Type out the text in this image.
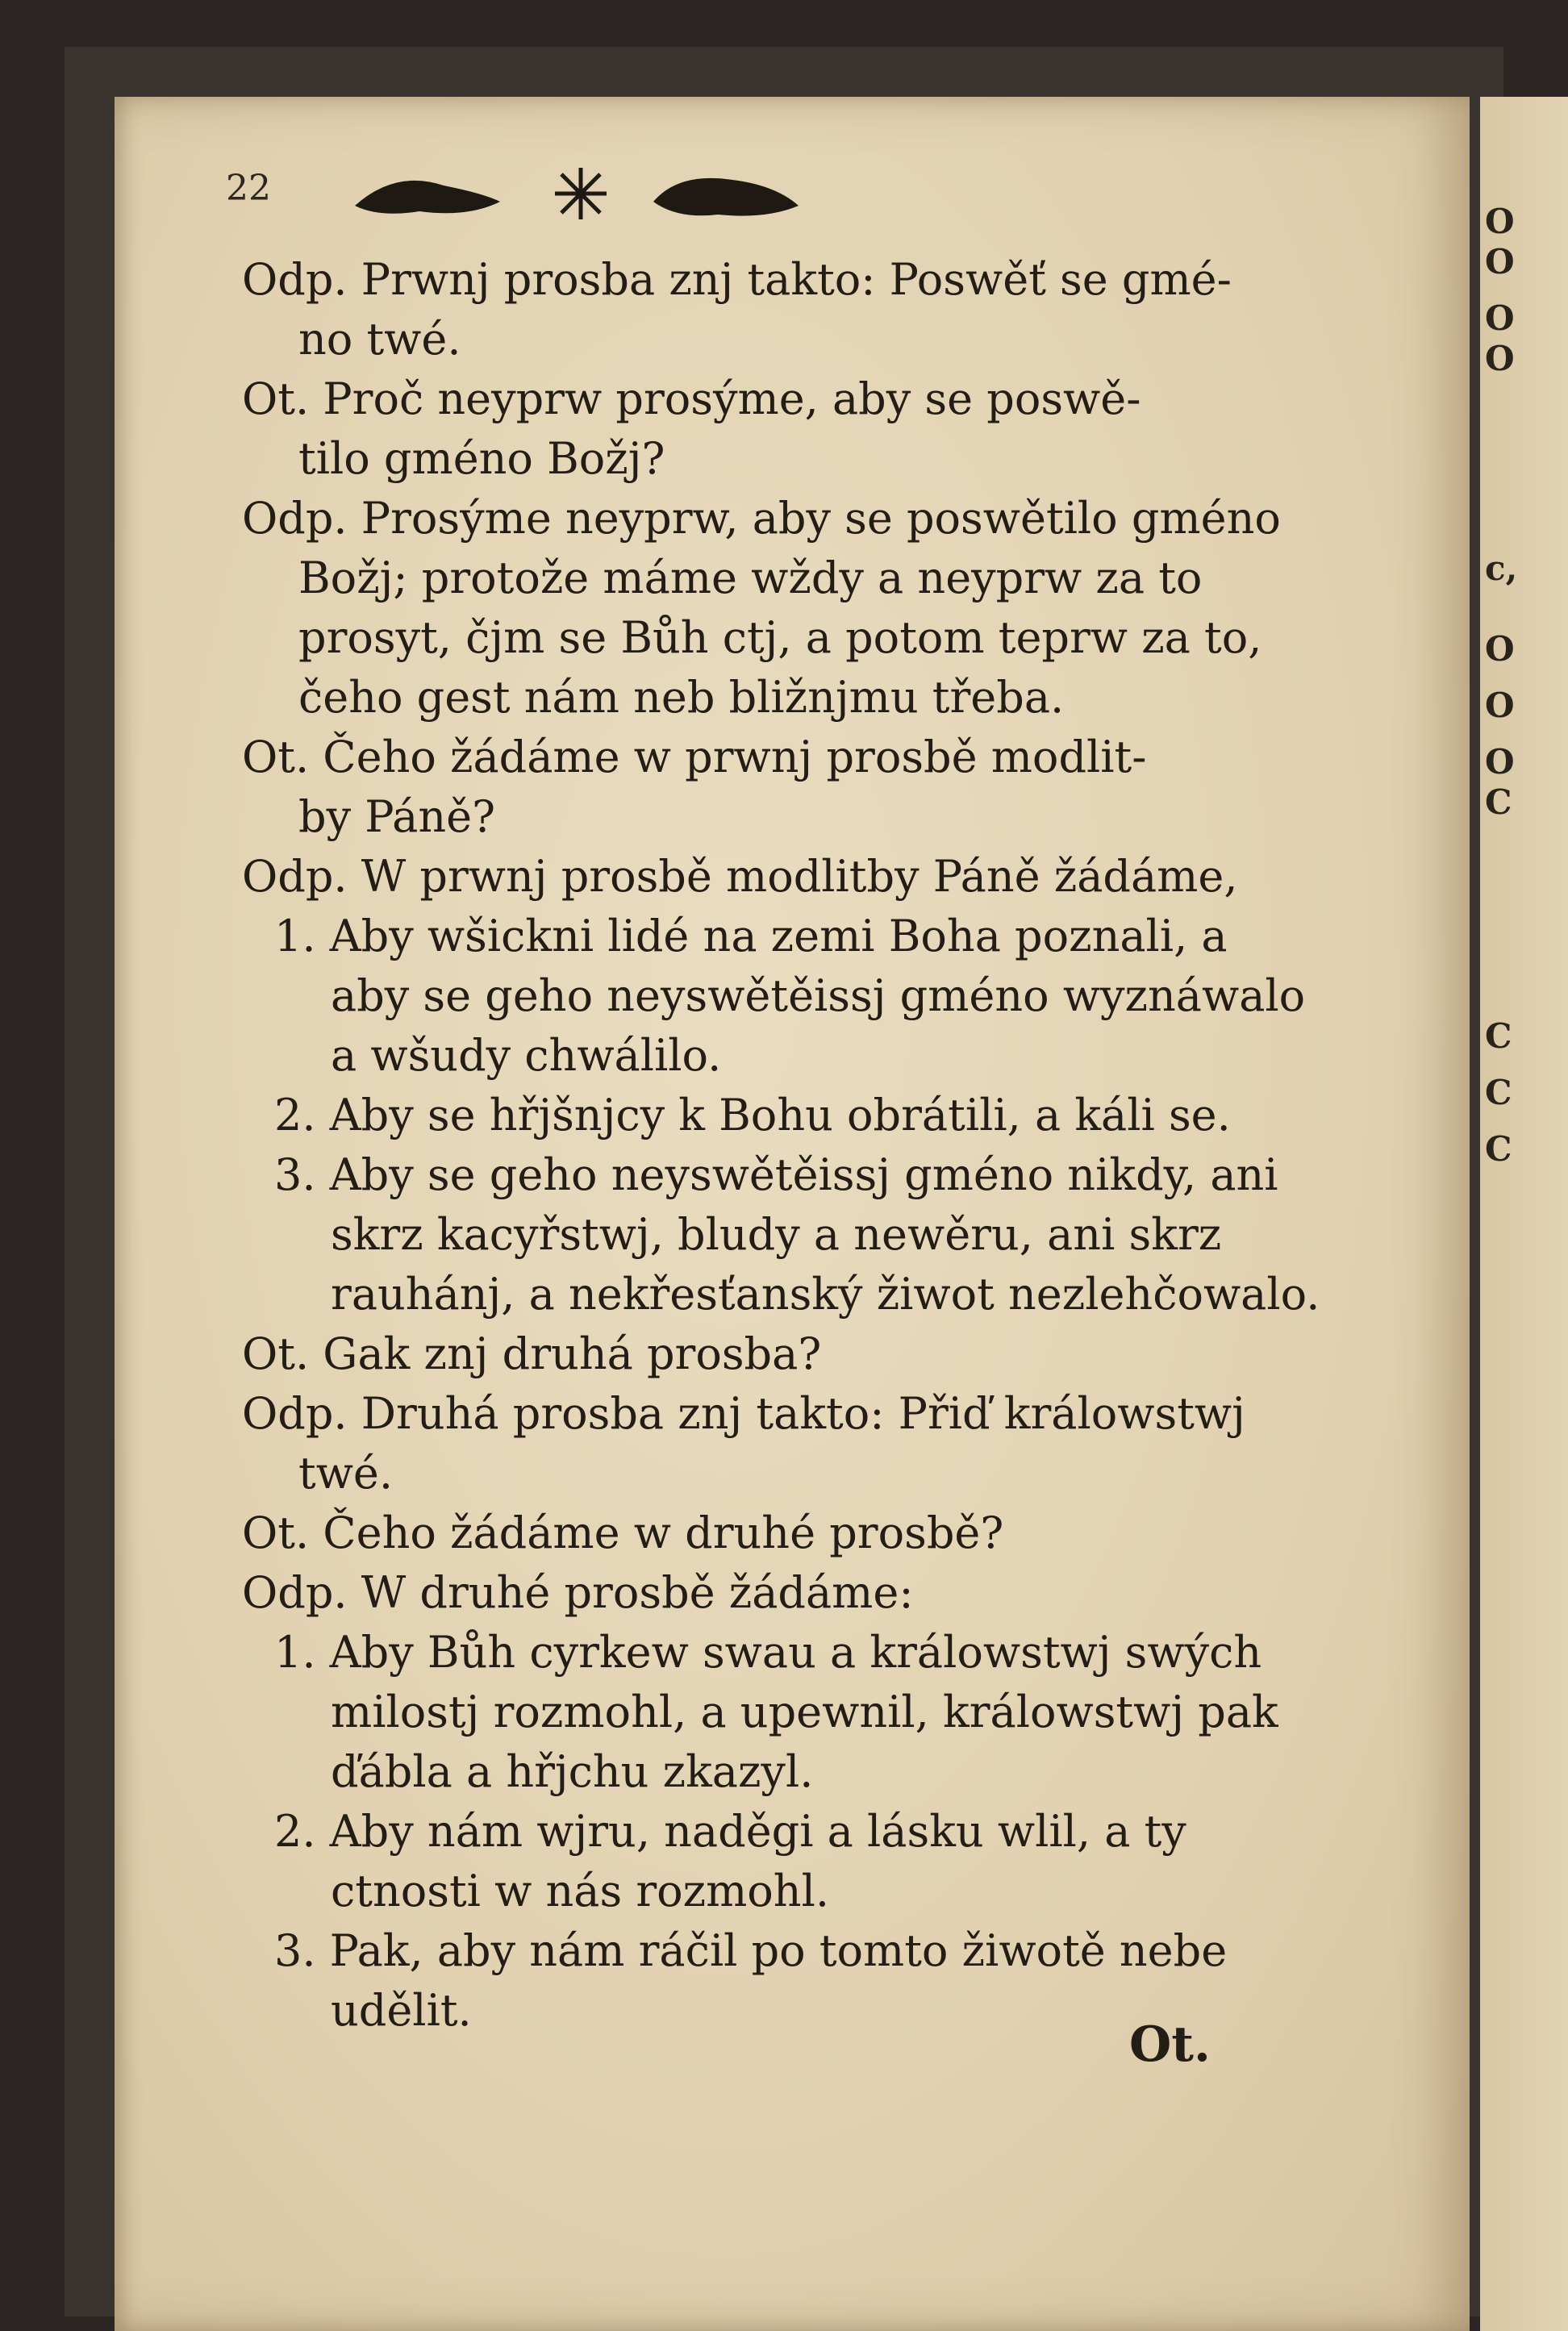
O
O
O
O
c,
O
O
O
C
C
C
C
22
Odp. Prwnj prosba znj takto: Poswěť se gmé-
no twé.
Ot. Proč neyprw prosýme, aby se poswě-
tilo gméno Božj?
Odp. Prosýme neyprw, aby se poswětilo gméno
Božj; protože máme wždy a neyprw za to
prosyt, čjm se Bůh ctj, a potom teprw za to,
čeho gest nám neb bližnjmu třeba.
Ot. Čeho žádáme w prwnj prosbě modlit-
by Páně?
Odp. W prwnj prosbě modlitby Páně žádáme,
1. Aby wšickni lidé na zemi Boha poznali, a
aby se geho neyswětěissj gméno wyznáwalo
a wšudy chwálilo.
2. Aby se hřjšnjcy k Bohu obrátili, a káli se.
3. Aby se geho neyswětěissj gméno nikdy, ani
skrz kacyřstwj, bludy a newěru, ani skrz
rauhánj, a nekřesťanský žiwot nezlehčowalo.
Ot. Gak znj druhá prosba?
Odp. Druhá prosba znj takto: Přiď králowstwj
twé.
Ot. Čeho žádáme w druhé prosbě?
Odp. W druhé prosbě žádáme:
1. Aby Bůh cyrkew swau a králowstwj swých
milostj rozmohl, a upewnil, králowstwj pak
ďábla a hřjchu zkazyl.
2. Aby nám wjru, naděgi a lásku wlil, a ty
ctnosti w nás rozmohl.
3. Pak, aby nám ráčil po tomto žiwotě nebe
udělit.
Ot.
